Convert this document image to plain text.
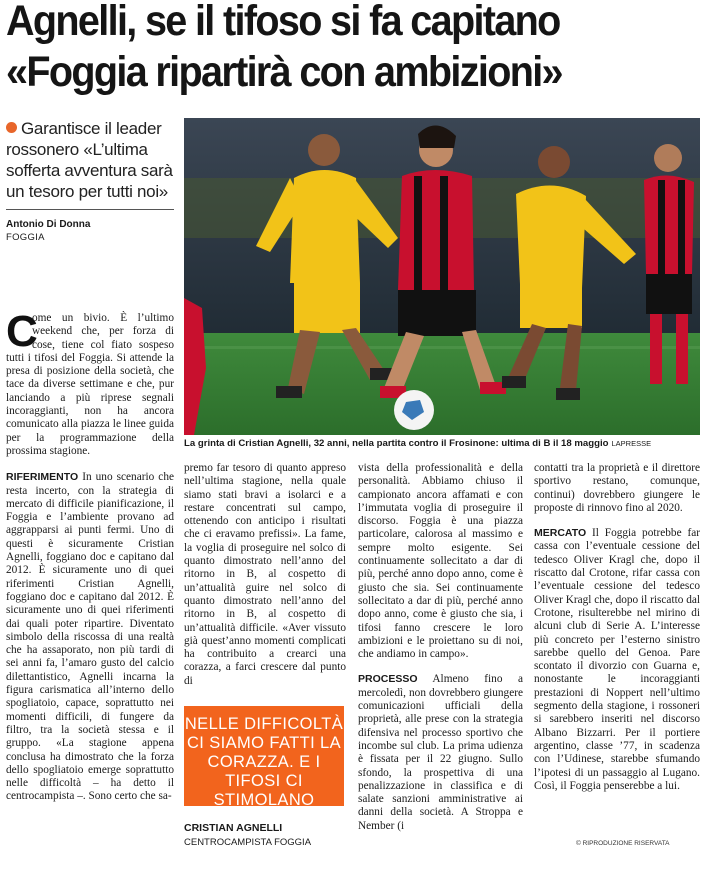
Agnelli, se il tifoso si fa capitano
«Foggia ripartirà con ambizioni»
Garantisce il leader rossonero «L’ultima sofferta avventura sarà un tesoro per tutti noi»
Antonio Di Donna
FOGGIA
La grinta di Cristian Agnelli, 32 anni, nella partita contro il Frosinone: ultima di B il 18 maggio LAPRESSE
C

ome un bivio. È l’ultimo weekend che, per forza di cose, tiene col fiato sospeso tutti i tifosi del Foggia. Si attende la presa di posizione della società, che tace da diverse settimane e che, pur lanciando a più riprese segnali incoraggianti, non ha ancora comunicato alla piazza le linee guida per la programmazione della prossima stagione.

RIFERIMENTO In uno scenario che resta incerto, con la strategia di mercato di difficile pianificazione, il Foggia e l’ambiente provano ad aggrapparsi ai punti fermi. Uno di questi è sicuramente Cristian Agnelli, foggiano doc e capitano dal 2012. È sicuramente uno di quei riferimenti Cristian Agnelli, foggiano doc e capitano dal 2012. È sicuramente uno di quei riferimenti dai quali poter ripartire. Diventato simbolo della riscossa di una realtà che ha assaporato, non più tardi di sei anni fa, l’amaro gusto del calcio dilettantistico, Agnelli incarna la figura carismatica all’interno dello spogliatoio, capace, soprattutto nei momenti difficili, di fungere da filtro, tra la società stessa e il gruppo. «La stagione appena conclusa ha dimostrato che la forza dello spogliatoio emerge soprattutto nelle difficoltà – ha detto il centrocampista –. Sono certo che sa-

premo far tesoro di quanto appreso nell’ultima stagione, nella quale siamo stati bravi a isolarci e a restare concentrati sul campo, ottenendo con anticipo i risultati che ci eravamo prefissi». La fame, la voglia di proseguire nel solco di quanto dimostrato nell’anno del ritorno in B, al cospetto di un’attualità guire nel solco di quanto dimostrato nell’anno del ritorno in B, al cospetto di un’attualità difficile. «Aver vissuto già quest’anno momenti complicati ha contribuito a crearci una corazza, a farci crescere dal punto di

vista della professionalità e della personalità. Abbiamo chiuso il campionato ancora affamati e con l’immutata voglia di proseguire il discorso. Foggia è una piazza particolare, calorosa al massimo e sempre molto esigente. Sei continuamente sollecitato a dar di più, perché anno dopo anno, come è giusto che sia. Sei continuamente sollecitato a dar di più, perché anno dopo anno, come è giusto che sia, i tifosi fanno crescere le loro ambizioni e le proiettano su di noi, che andiamo in campo».

PROCESSO Almeno fino a mercoledì, non dovrebbero giungere comunicazioni ufficiali della proprietà, alle prese con la strategia difensiva nel processo sportivo che incombe sul club. La prima udienza è fissata per il 22 giugno. Sullo sfondo, la prospettiva di una penalizzazione in classifica e di salate sanzioni amministrative ai danni della società. A Stroppa e Nember (i

contatti tra la proprietà e il direttore sportivo restano, comunque, continui) dovrebbero giungere le proposte di rinnovo fino al 2020.

MERCATO Il Foggia potrebbe far cassa con l’eventuale cessione del tedesco Oliver Kragl che, dopo il riscatto dal Crotone, rifar cassa con l’eventuale cessione del tedesco Oliver Kragl che, dopo il riscatto dal Crotone, risulterebbe nel mirino di alcuni club di Serie A. L’interesse più concreto per l’esterno sinistro sarebbe quello del Genoa. Pare scontato il divorzio con Guarna e, nonostante le incoraggianti prestazioni di Noppert nell’ultimo segmento della stagione, i rossoneri si sarebbero inseriti nel discorso Albano Bizzarri. Per il portiere argentino, classe ’77, in scadenza con l’Udinese, starebbe sfumando l’ipotesi di un passaggio al Lugano. Così, il Foggia penserebbe a lui.

NELLE DIFFICOLTÀ CI SIAMO FATTI LA CORAZZA. E I TIFOSI CI STIMOLANO
CRISTIAN AGNELLI
CENTROCAMPISTA FOGGIA	© RIPRODUZIONE RISERVATA
